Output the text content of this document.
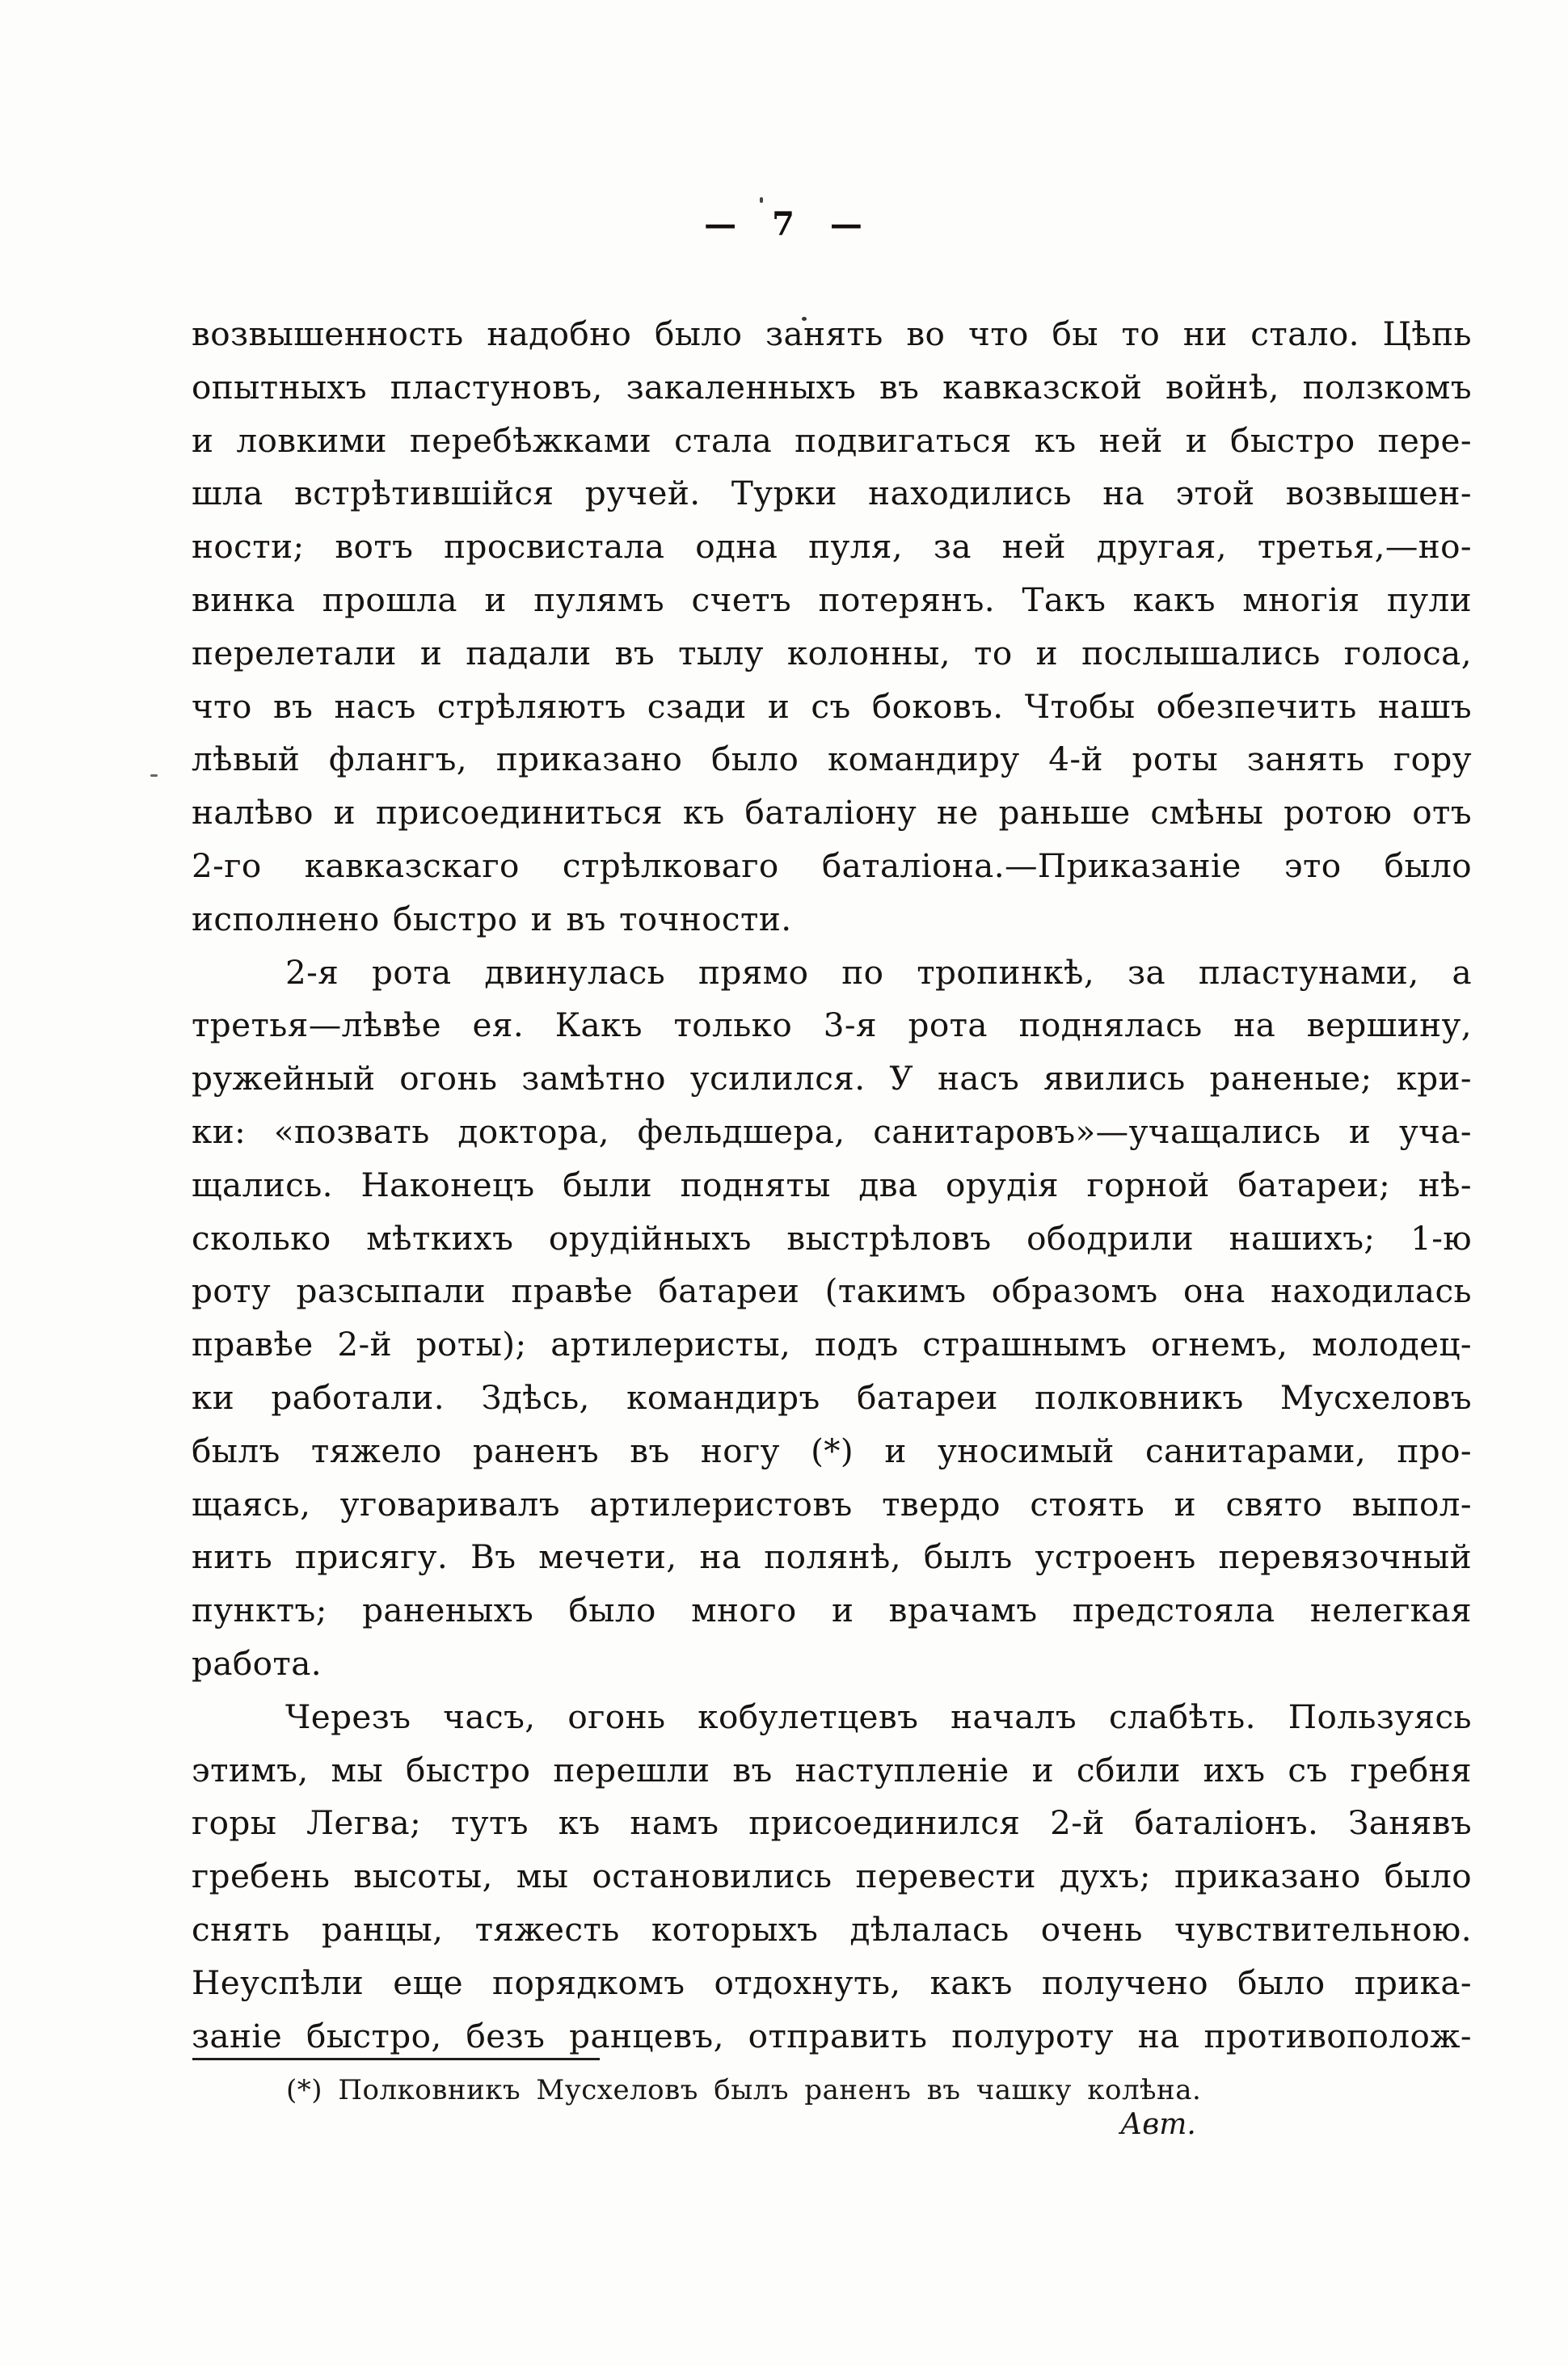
— 7 —
возвышенность надобно было занять во что бы то ни стало. Цѣпь
опытныхъ пластуновъ, закаленныхъ въ кавказской войнѣ, ползкомъ
и ловкими перебѣжками стала подвигаться къ ней и быстро пере-
шла встрѣтившійся ручей. Турки находились на этой возвышен-
ности; вотъ просвистала одна пуля, за ней другая, третья,—но-
винка прошла и пулямъ счетъ потерянъ. Такъ какъ многія пули
перелетали и падали въ тылу колонны, то и послышались голоса,
что въ насъ стрѣляютъ сзади и съ боковъ. Чтобы обезпечить нашъ
лѣвый флангъ, приказано было командиру 4-й роты занять гору
налѣво и присоединиться къ баталіону не раньше смѣны ротою отъ
2-го кавказскаго стрѣлковаго баталіона.—Приказаніе это было
исполнено быстро и въ точности.
2-я рота двинулась прямо по тропинкѣ, за пластунами, а
третья—лѣвѣе ея. Какъ только 3-я рота поднялась на вершину,
ружейный огонь замѣтно усилился. У насъ явились раненые; кри-
ки: «позвать доктора, фельдшера, санитаровъ»—учащались и уча-
щались. Наконецъ были подняты два орудія горной батареи; нѣ-
сколько мѣткихъ орудійныхъ выстрѣловъ ободрили нашихъ; 1-ю
роту разсыпали правѣе батареи (такимъ образомъ она находилась
правѣе 2-й роты); артилеристы, подъ страшнымъ огнемъ, молодец-
ки работали. Здѣсь, командиръ батареи полковникъ Мусхеловъ
былъ тяжело раненъ въ ногу (*) и уносимый санитарами, про-
щаясь, уговаривалъ артилеристовъ твердо стоять и свято выпол-
нить присягу. Въ мечети, на полянѣ, былъ устроенъ перевязочный
пунктъ; раненыхъ было много и врачамъ предстояла нелегкая
работа.
Черезъ часъ, огонь кобулетцевъ началъ слабѣть. Пользуясь
этимъ, мы быстро перешли въ наступленіе и сбили ихъ съ гребня
горы Легва; тутъ къ намъ присоединился 2-й баталіонъ. Занявъ
гребень высоты, мы остановились перевести духъ; приказано было
снять ранцы, тяжесть которыхъ дѣлалась очень чувствительною.
Неуспѣли еще порядкомъ отдохнуть, какъ получено было прика-
заніе быстро, безъ ранцевъ, отправить полуроту на противополож-
(*) Полковникъ Мусхеловъ былъ раненъ въ чашку колѣна.
Авт.
